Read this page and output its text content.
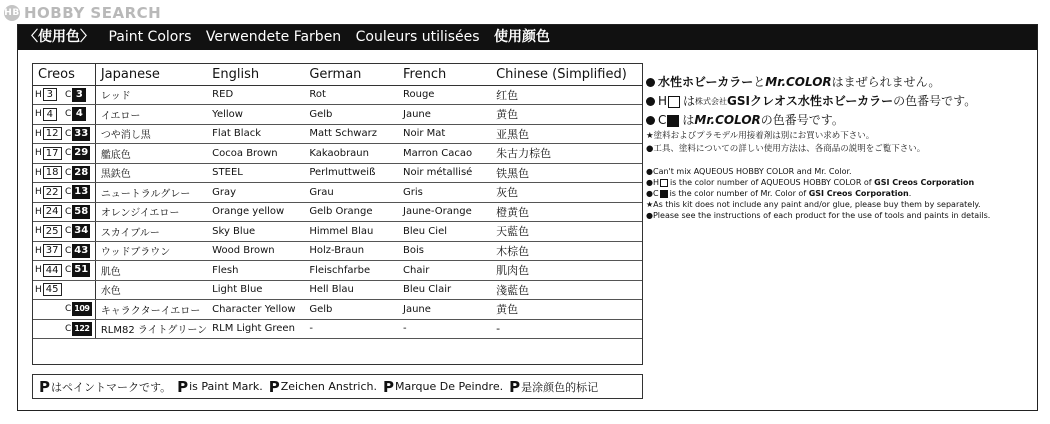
HB HOBBY SEARCH
〈使用色〉 Paint Colors Verwendete Farben Couleurs utilisées 使用颜色
Creos	Japanese	English	German	French	Chinese (Simplified)

H 3 C 3	レッド	RED	Rot	Rouge	红色

H 4 C 4	イエロー	Yellow	Gelb	Jaune	黄色

H 12 C 33	つや消し黒	Flat Black	Matt Schwarz	Noir Mat	亚黑色

H 17 C 29	艦底色	Cocoa Brown	Kakaobraun	Marron Cacao	朱古力棕色

H 18 C 28	黒鉄色	STEEL	Perlmuttweiß	Noir métallisé	铁黑色

H 22 C 13	ニュートラルグレー	Gray	Grau	Gris	灰色

H 24 C 58	オレンジイエロー	Orange yellow	Gelb Orange	Jaune-Orange	橙黄色

H 25 C 34	スカイブルー	Sky Blue	Himmel Blau	Bleu Ciel	天藍色

H 37 C 43	ウッドブラウン	Wood Brown	Holz-Braun	Bois	木棕色

H 44 C 51	肌色	Flesh	Fleischfarbe	Chair	肌肉色

H 45	水色	Light Blue	Hell Blau	Bleu Clair	淺藍色

C 109	キャラクターイエロー	Character Yellow	Gelb	Jaune	黄色

C 122	RLM82 ライトグリーン	RLM Light Green	-	-	-
水性ホビーカラー と Mr.COLOR はまぜられません。
H は 株式会社 GSIクレオス 水性ホビーカラー の色番号です。
C は Mr.COLOR の色番号です。
★塗料およびプラモデル用接着剤は別にお買い求め下さい。
●工具、塗料についての詳しい使用方法は、各商品の説明をご覧下さい。
●Can't mix AQUEOUS HOBBY COLOR and Mr. Color.
●H is the color number of AQUEOUS HOBBY COLOR of
GSI Creos Corporation
●C is the color number of Mr. Color of
GSI Creos Corporation .
★As this kit does not include any paint and/or glue, please buy them by separately.
●Please see the instructions of each product for the use of tools and paints in details.
P はペイントマークです。 P is Paint Mark. P Zeichen Anstrich. P Marque De Peindre. P 是涂颜色的标记
